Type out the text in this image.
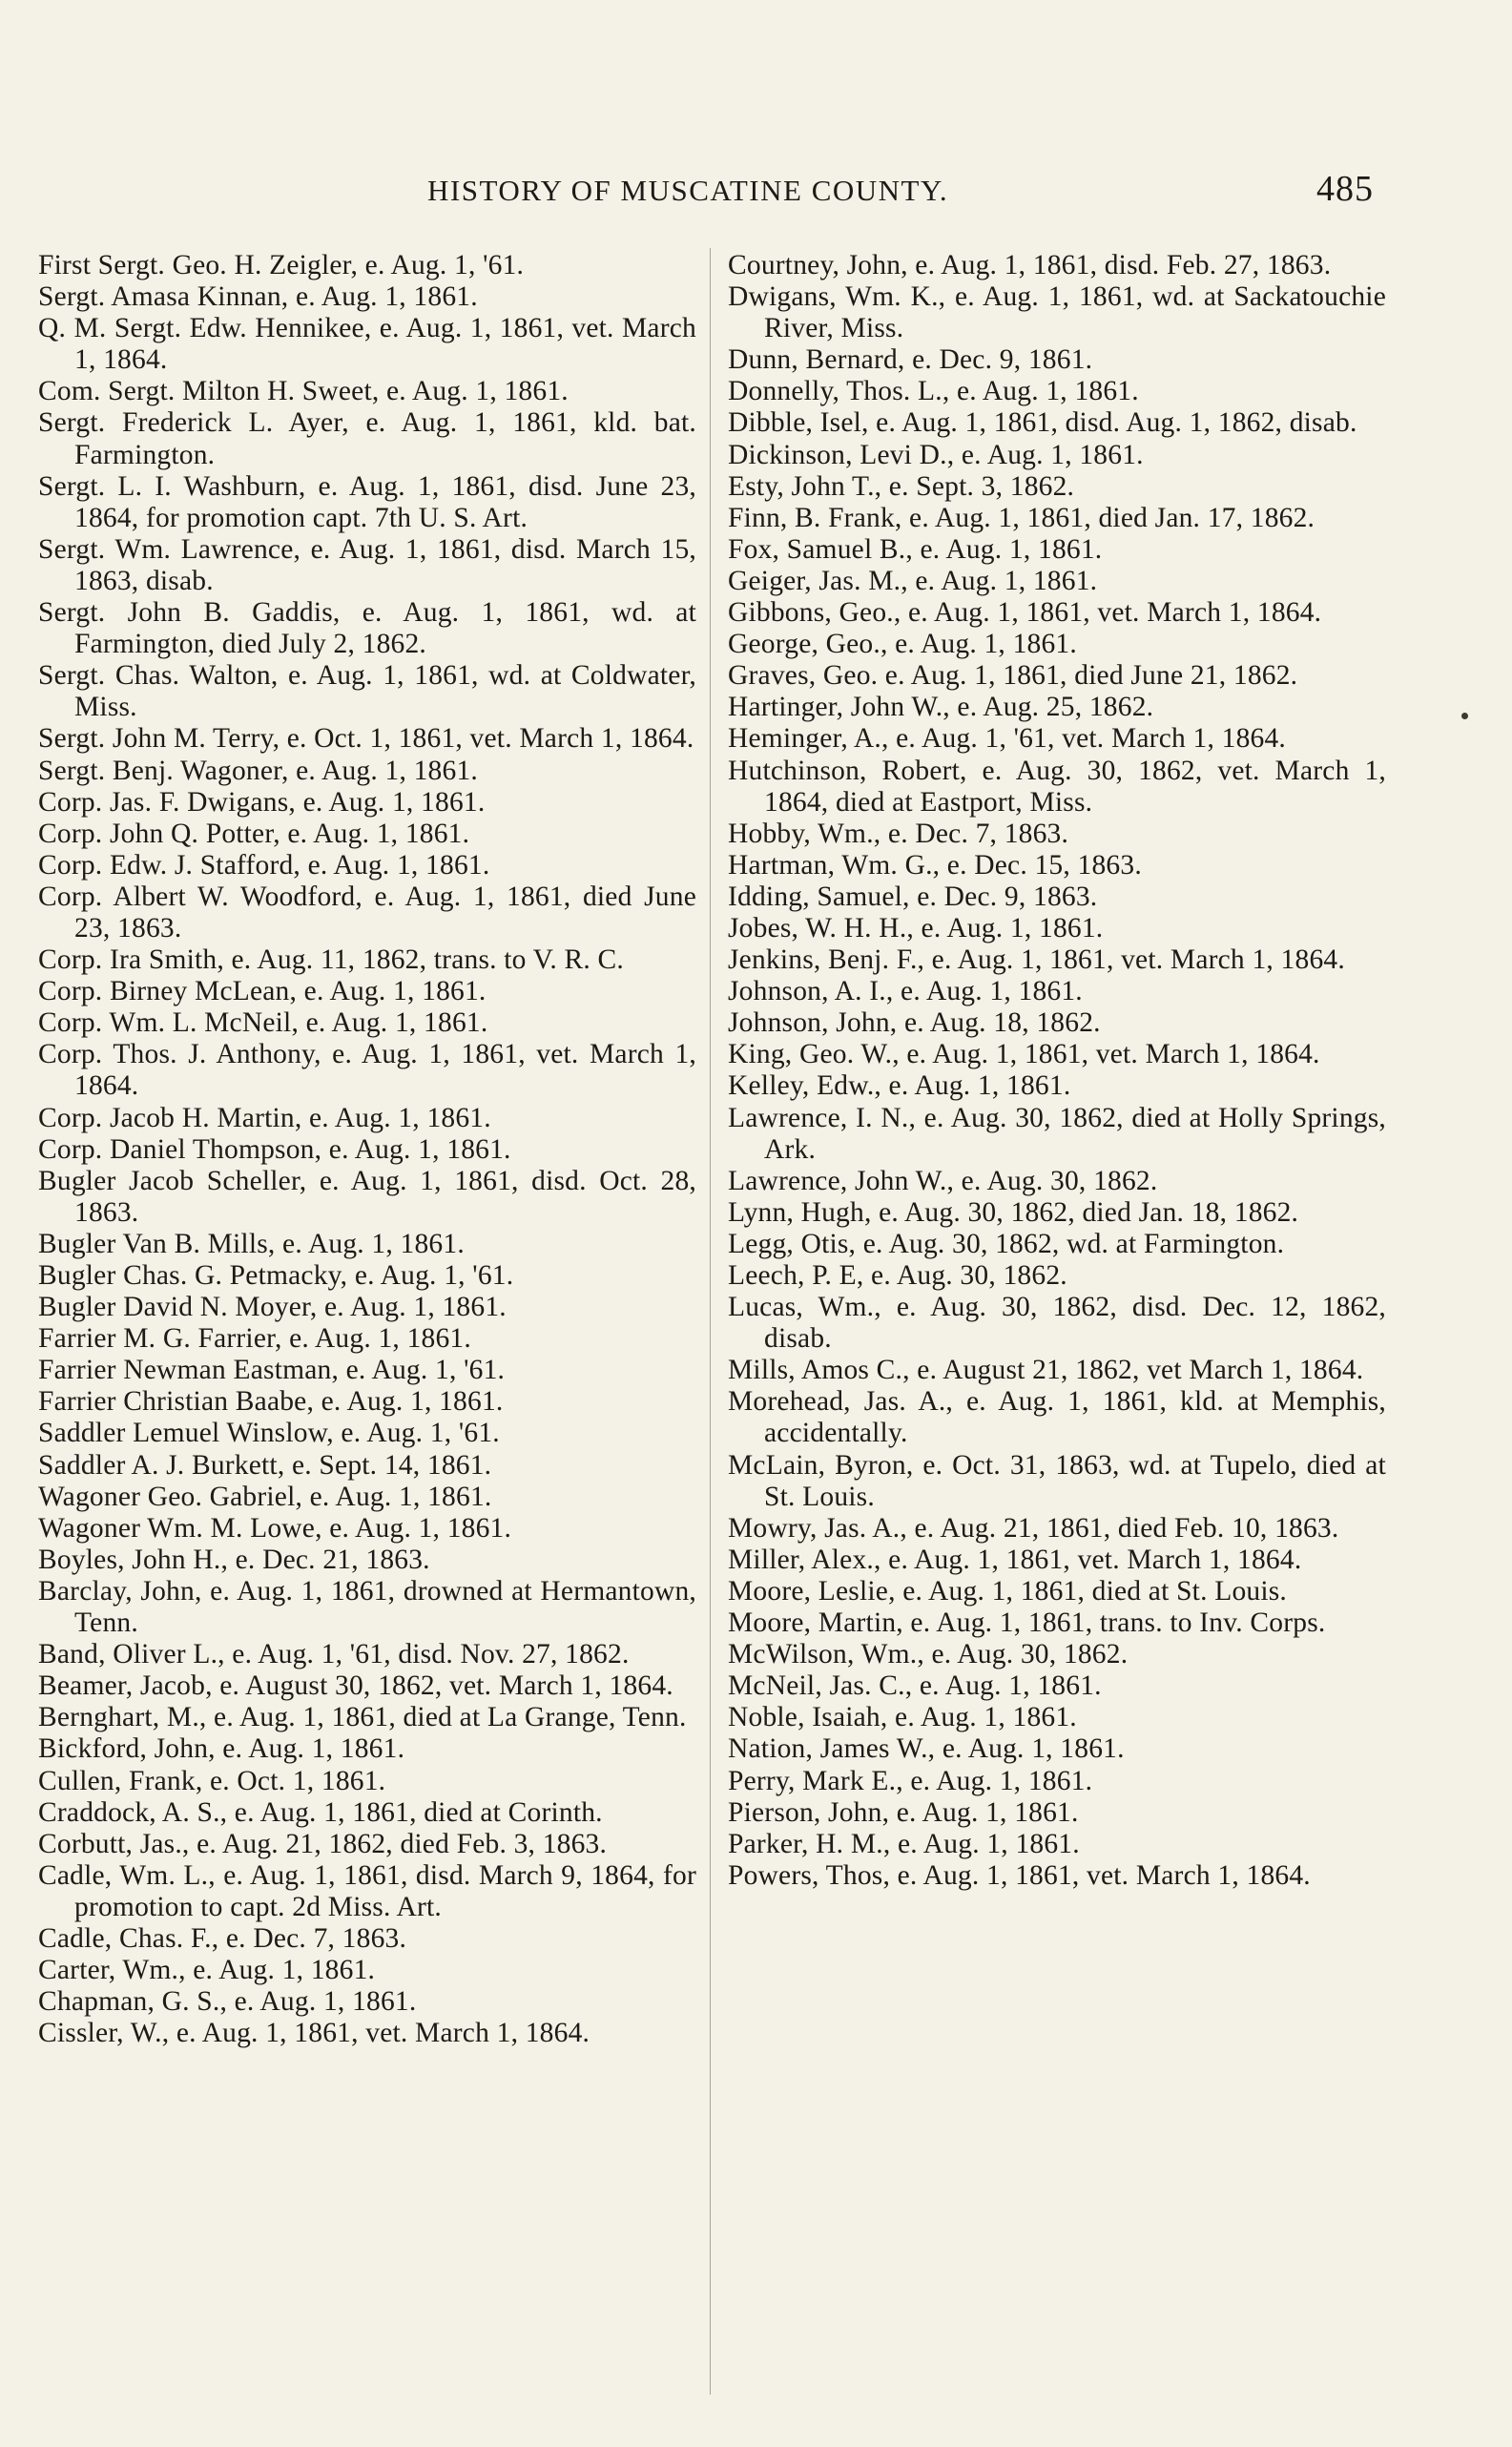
HISTORY OF MUSCATINE COUNTY.	485
First Sergt. Geo. H. Zeigler, e. Aug. 1, '61.
Sergt. Amasa Kinnan, e. Aug. 1, 1861.
Q. M. Sergt. Edw. Hennikee, e. Aug. 1, 1861, vet. March 1, 1864.
Com. Sergt. Milton H. Sweet, e. Aug. 1, 1861.
Sergt. Frederick L. Ayer, e. Aug. 1, 1861, kld. bat. Farmington.
Sergt. L. I. Washburn, e. Aug. 1, 1861, disd. June 23, 1864, for promotion capt. 7th U. S. Art.
Sergt. Wm. Lawrence, e. Aug. 1, 1861, disd. March 15, 1863, disab.
Sergt. John B. Gaddis, e. Aug. 1, 1861, wd. at Farmington, died July 2, 1862.
Sergt. Chas. Walton, e. Aug. 1, 1861, wd. at Coldwater, Miss.
Sergt. John M. Terry, e. Oct. 1, 1861, vet. March 1, 1864.
Sergt. Benj. Wagoner, e. Aug. 1, 1861.
Corp. Jas. F. Dwigans, e. Aug. 1, 1861.
Corp. John Q. Potter, e. Aug. 1, 1861.
Corp. Edw. J. Stafford, e. Aug. 1, 1861.
Corp. Albert W. Woodford, e. Aug. 1, 1861, died June 23, 1863.
Corp. Ira Smith, e. Aug. 11, 1862, trans. to V. R. C.
Corp. Birney McLean, e. Aug. 1, 1861.
Corp. Wm. L. McNeil, e. Aug. 1, 1861.
Corp. Thos. J. Anthony, e. Aug. 1, 1861, vet. March 1, 1864.
Corp. Jacob H. Martin, e. Aug. 1, 1861.
Corp. Daniel Thompson, e. Aug. 1, 1861.
Bugler Jacob Scheller, e. Aug. 1, 1861, disd. Oct. 28, 1863.
Bugler Van B. Mills, e. Aug. 1, 1861.
Bugler Chas. G. Petmacky, e. Aug. 1, '61.
Bugler David N. Moyer, e. Aug. 1, 1861.
Farrier M. G. Farrier, e. Aug. 1, 1861.
Farrier Newman Eastman, e. Aug. 1, '61.
Farrier Christian Baabe, e. Aug. 1, 1861.
Saddler Lemuel Winslow, e. Aug. 1, '61.
Saddler A. J. Burkett, e. Sept. 14, 1861.
Wagoner Geo. Gabriel, e. Aug. 1, 1861.
Wagoner Wm. M. Lowe, e. Aug. 1, 1861.
Boyles, John H., e. Dec. 21, 1863.
Barclay, John, e. Aug. 1, 1861, drowned at Hermantown, Tenn.
Band, Oliver L., e. Aug. 1, '61, disd. Nov. 27, 1862.
Beamer, Jacob, e. August 30, 1862, vet. March 1, 1864.
Bernghart, M., e. Aug. 1, 1861, died at La Grange, Tenn.
Bickford, John, e. Aug. 1, 1861.
Cullen, Frank, e. Oct. 1, 1861.
Craddock, A. S., e. Aug. 1, 1861, died at Corinth.
Corbutt, Jas., e. Aug. 21, 1862, died Feb. 3, 1863.
Cadle, Wm. L., e. Aug. 1, 1861, disd. March 9, 1864, for promotion to capt. 2d Miss. Art.
Cadle, Chas. F., e. Dec. 7, 1863.
Carter, Wm., e. Aug. 1, 1861.
Chapman, G. S., e. Aug. 1, 1861.
Cissler, W., e. Aug. 1, 1861, vet. March 1, 1864.
Courtney, John, e. Aug. 1, 1861, disd. Feb. 27, 1863.
Dwigans, Wm. K., e. Aug. 1, 1861, wd. at Sackatouchie River, Miss.
Dunn, Bernard, e. Dec. 9, 1861.
Donnelly, Thos. L., e. Aug. 1, 1861.
Dibble, Isel, e. Aug. 1, 1861, disd. Aug. 1, 1862, disab.
Dickinson, Levi D., e. Aug. 1, 1861.
Esty, John T., e. Sept. 3, 1862.
Finn, B. Frank, e. Aug. 1, 1861, died Jan. 17, 1862.
Fox, Samuel B., e. Aug. 1, 1861.
Geiger, Jas. M., e. Aug. 1, 1861.
Gibbons, Geo., e. Aug. 1, 1861, vet. March 1, 1864.
George, Geo., e. Aug. 1, 1861.
Graves, Geo. e. Aug. 1, 1861, died June 21, 1862.
Hartinger, John W., e. Aug. 25, 1862.
Heminger, A., e. Aug. 1, '61, vet. March 1, 1864.
Hutchinson, Robert, e. Aug. 30, 1862, vet. March 1, 1864, died at Eastport, Miss.
Hobby, Wm., e. Dec. 7, 1863.
Hartman, Wm. G., e. Dec. 15, 1863.
Idding, Samuel, e. Dec. 9, 1863.
Jobes, W. H. H., e. Aug. 1, 1861.
Jenkins, Benj. F., e. Aug. 1, 1861, vet. March 1, 1864.
Johnson, A. I., e. Aug. 1, 1861.
Johnson, John, e. Aug. 18, 1862.
King, Geo. W., e. Aug. 1, 1861, vet. March 1, 1864.
Kelley, Edw., e. Aug. 1, 1861.
Lawrence, I. N., e. Aug. 30, 1862, died at Holly Springs, Ark.
Lawrence, John W., e. Aug. 30, 1862.
Lynn, Hugh, e. Aug. 30, 1862, died Jan. 18, 1862.
Legg, Otis, e. Aug. 30, 1862, wd. at Farmington.
Leech, P. E, e. Aug. 30, 1862.
Lucas, Wm., e. Aug. 30, 1862, disd. Dec. 12, 1862, disab.
Mills, Amos C., e. August 21, 1862, vet March 1, 1864.
Morehead, Jas. A., e. Aug. 1, 1861, kld. at Memphis, accidentally.
McLain, Byron, e. Oct. 31, 1863, wd. at Tupelo, died at St. Louis.
Mowry, Jas. A., e. Aug. 21, 1861, died Feb. 10, 1863.
Miller, Alex., e. Aug. 1, 1861, vet. March 1, 1864.
Moore, Leslie, e. Aug. 1, 1861, died at St. Louis.
Moore, Martin, e. Aug. 1, 1861, trans. to Inv. Corps.
McWilson, Wm., e. Aug. 30, 1862.
McNeil, Jas. C., e. Aug. 1, 1861.
Noble, Isaiah, e. Aug. 1, 1861.
Nation, James W., e. Aug. 1, 1861.
Perry, Mark E., e. Aug. 1, 1861.
Pierson, John, e. Aug. 1, 1861.
Parker, H. M., e. Aug. 1, 1861.
Powers, Thos, e. Aug. 1, 1861, vet. March 1, 1864.
